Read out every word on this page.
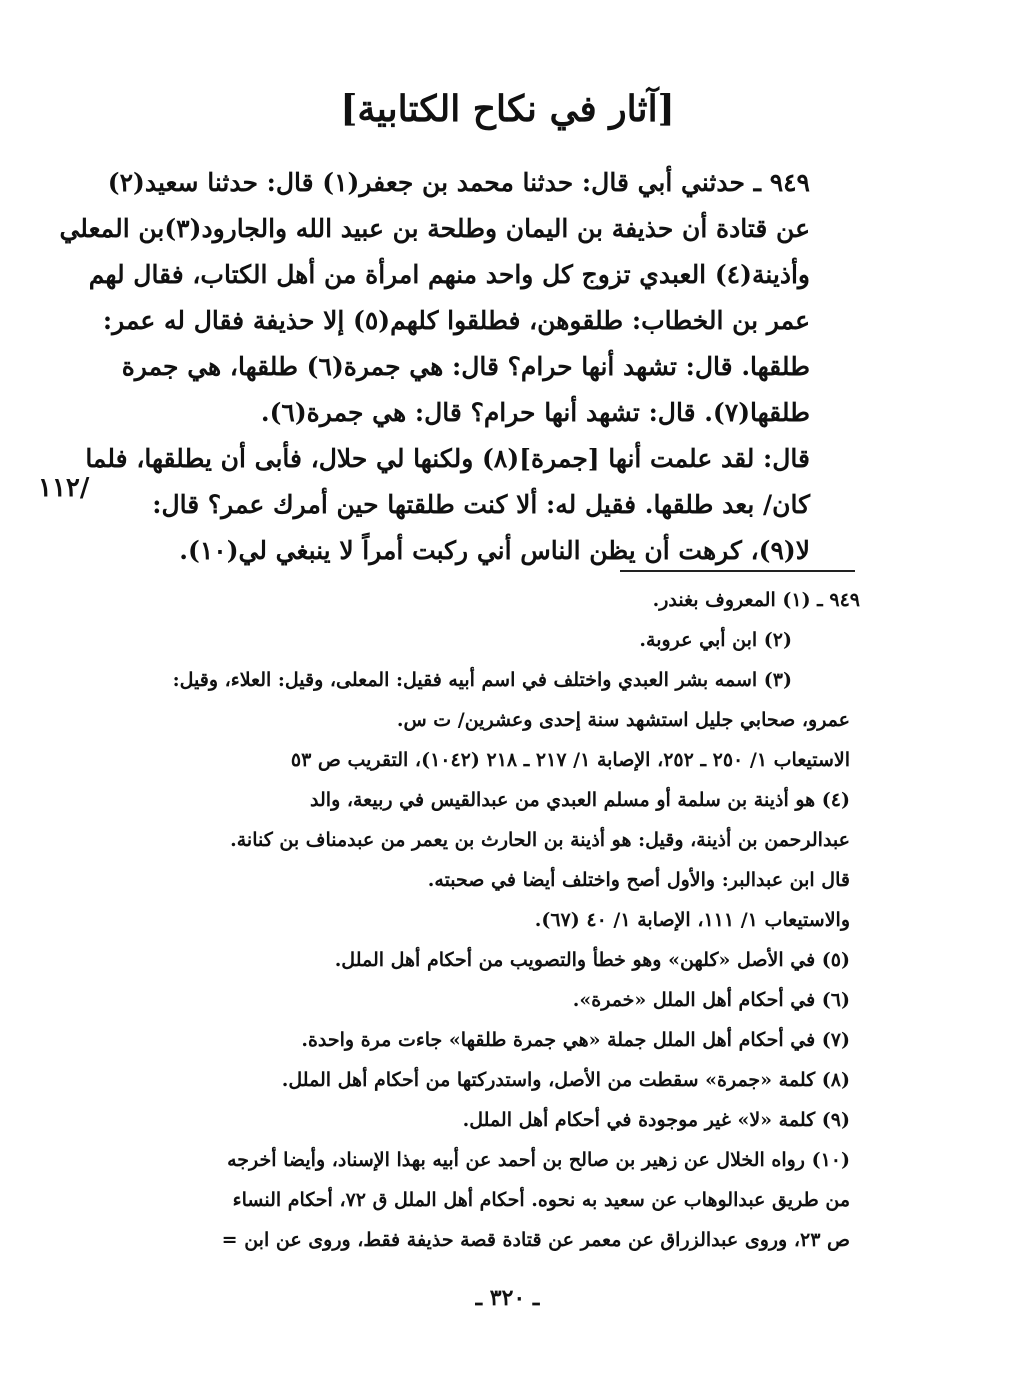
[آثار في نكاح الكتابية]
٩٤٩ ـ حدثني أبي قال: حدثنا محمد بن جعفر(١) قال: حدثنا سعيد(٢)
عن قتادة أن حذيفة بن اليمان وطلحة بن عبيد الله والجارود(٣)بن المعلي
وأذينة(٤) العبدي تزوج كل واحد منهم امرأة من أهل الكتاب، فقال لهم
عمر بن الخطاب: طلقوهن، فطلقوا كلهم(٥) إلا حذيفة فقال له عمر:
طلقها. قال: تشهد أنها حرام؟ قال: هي جمرة(٦) طلقها، هي جمرة
طلقها(٧). قال: تشهد أنها حرام؟ قال: هي جمرة(٦).
قال: لقد علمت أنها [جمرة](٨) ولكنها لي حلال، فأبى أن يطلقها، فلما
كان/ بعد طلقها. فقيل له: ألا كنت طلقتها حين أمرك عمر؟ قال:
لا(٩)، كرهت أن يظن الناس أني ركبت أمراً لا ينبغي لي(١٠).
/١١٢
٩٤٩ ـ (١) المعروف بغندر.
(٢) ابن أبي عروبة.
(٣) اسمه بشر العبدي واختلف في اسم أبيه فقيل: المعلى، وقيل: العلاء، وقيل:
عمرو، صحابي جليل استشهد سنة إحدى وعشرين/ ت س.
الاستيعاب ١/ ٢٥٠ ـ ٢٥٢، الإصابة ١/ ٢١٧ ـ ٢١٨ (١٠٤٢)، التقريب ص ٥٣
(٤) هو أذينة بن سلمة أو مسلم العبدي من عبدالقيس في ربيعة، والد
عبدالرحمن بن أذينة، وقيل: هو أذينة بن الحارث بن يعمر من عبدمناف بن كنانة.
قال ابن عبدالبر: والأول أصح واختلف أيضا في صحبته.
والاستيعاب ١/ ١١١، الإصابة ١/ ٤٠ (٦٧).
(٥) في الأصل «كلهن» وهو خطأ والتصويب من أحكام أهل الملل.
(٦) في أحكام أهل الملل «خمرة».
(٧) في أحكام أهل الملل جملة «هي جمرة طلقها» جاءت مرة واحدة.
(٨) كلمة «جمرة» سقطت من الأصل، واستدركتها من أحكام أهل الملل.
(٩) كلمة «لا» غير موجودة في أحكام أهل الملل.
(١٠) رواه الخلال عن زهير بن صالح بن أحمد عن أبيه بهذا الإسناد، وأيضا أخرجه
من طريق عبدالوهاب عن سعيد به نحوه. أحكام أهل الملل ق ٧٢، أحكام النساء
ص ٢٣، وروى عبدالزراق عن معمر عن قتادة قصة حذيفة فقط، وروى عن ابن =
ـ ٣٢٠ ـ
